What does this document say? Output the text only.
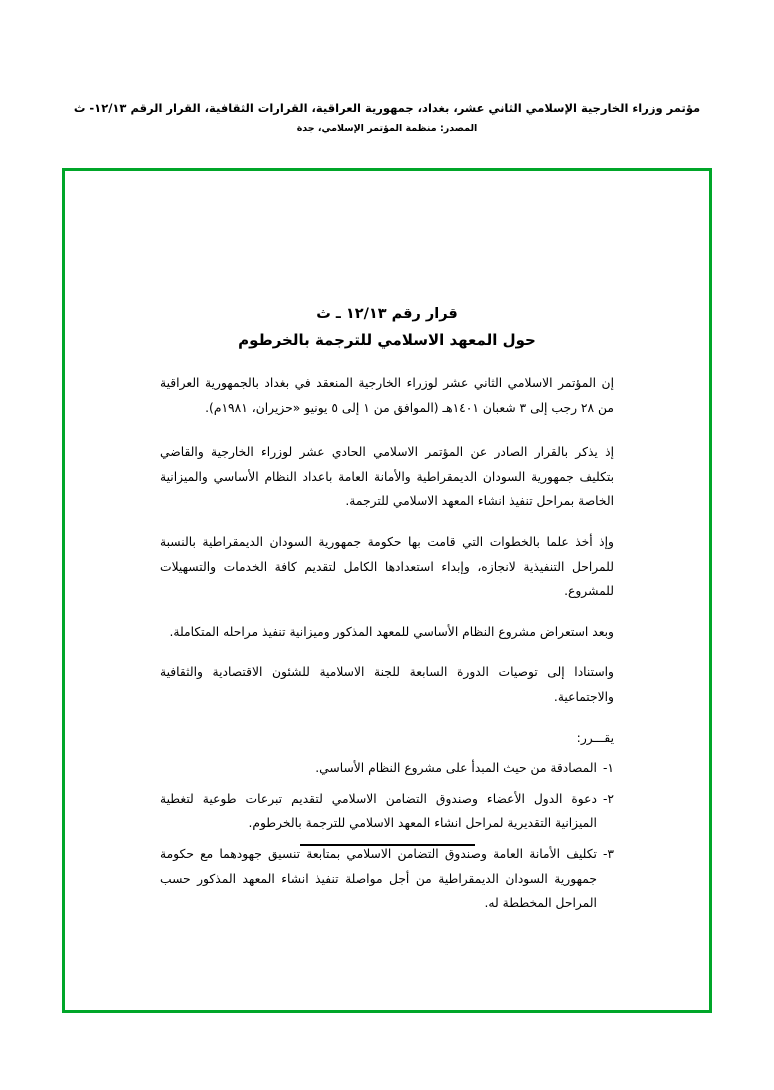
مؤتمر وزراء الخارجية الإسلامي الثاني عشر، بغداد، جمهورية العراقية، القرارات الثقافية، القرار الرقم ١٢/١٣- ث
المصدر: منظمة المؤتمر الإسلامي، جدة
قرار رقم ١٢/١٣ ـ ث
حول المعهد الاسلامي للترجمة بالخرطوم

إن المؤتمر الاسلامي الثاني عشر لوزراء الخارجية المنعقد في بغداد بالجمهورية العراقية من ٢٨ رجب إلى ٣ شعبان ١٤٠١هـ (الموافق من ١ إلى ٥ يونيو «حزيران، ١٩٨١م).

إذ يذكر بالقرار الصادر عن المؤتمر الاسلامي الحادي عشر لوزراء الخارجية والقاضي بتكليف جمهورية السودان الديمقراطية والأمانة العامة باعداد النظام الأساسي والميزانية الخاصة بمراحل تنفيذ انشاء المعهد الاسلامي للترجمة.

وإذ أخذ علما بالخطوات التي قامت بها حكومة جمهورية السودان الديمقراطية بالنسبة للمراحل التنفيذية لانجازه، وإبداء استعدادها الكامل لتقديم كافة الخدمات والتسهيلات للمشروع.

وبعد استعراض مشروع النظام الأساسي للمعهد المذكور وميزانية تنفيذ مراحله المتكاملة.

واستنادا إلى توصيات الدورة السابعة للجنة الاسلامية للشئون الاقتصادية والثقافية والاجتماعية.

يقـــرر:
١-
المصادقة من حيث المبدأ على مشروع النظام الأساسي.
٢-
دعوة الدول الأعضاء وصندوق التضامن الاسلامي لتقديم تبرعات طوعية لتغطية الميزانية التقديرية لمراحل انشاء المعهد الاسلامي للترجمة بالخرطوم.
٣-
تكليف الأمانة العامة وصندوق التضامن الاسلامي بمتابعة تنسيق جهودهما مع حكومة جمهورية السودان الديمقراطية من أجل مواصلة تنفيذ انشاء المعهد المذكور حسب المراحل المخططة له.
